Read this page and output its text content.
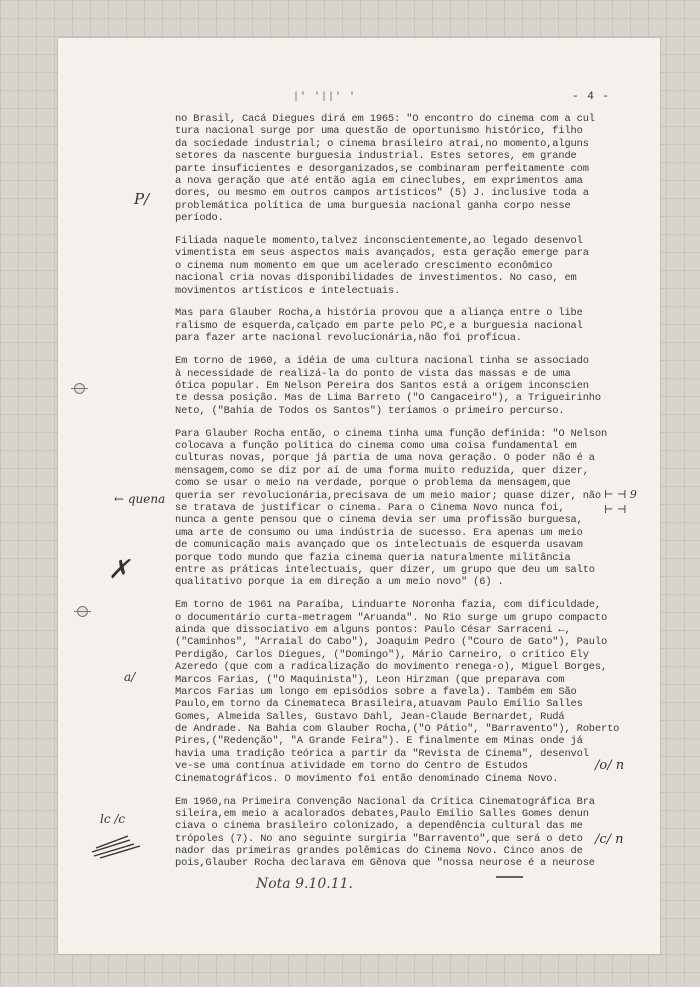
|' '||' '	- 4 -
no Brasil, Cacá Diegues dirá em 1965: "O encontro do cinema com a cul
tura nacional surge por uma questão de oportunismo histórico, filho
da sociedade industrial; o cinema brasileiro atrai,no momento,alguns
setores da nascente burguesia industrial. Estes setores, em grande
parte insuficientes e desorganizados,se combinaram perfeitamente com
a nova geração que até então agia em cineclubes, em exprimentos ama
dores, ou mesmo em outros campos artísticos" (5) J. inclusive toda a
problemática política de uma burguesia nacional ganha corpo nesse
período.
Filiada naquele momento,talvez inconscientemente,ao legado desenvol
vimentista em seus aspectos mais avançados, esta geração emerge para
o cinema num momento em que um acelerado crescimento econômico
nacional cria novas disponibilidades de investimentos. No caso, em
movimentos artísticos e intelectuais.
Mas para Glauber Rocha,a história provou que a aliança entre o libe
ralismo de esquerda,calçado em parte pelo PC,e a burguesia nacional
para fazer arte nacional revolucionária,não foi profícua.
Em torno de 1960, a idéia de uma cultura nacional tinha se associado
à necessidade de realizá-la do ponto de vista das massas e de uma
ótica popular. Em Nelson Pereira dos Santos está a origem inconscien
te dessa posição. Mas de Lima Barreto ("O Cangaceiro"), a Trigueirinho
Neto, ("Bahia de Todos os Santos") teríamos o primeiro percurso.
Para Glauber Rocha então, o cinema tinha uma função definida: "O Nelson
colocava a função política do cinema como uma coisa fundamental em
culturas novas, porque já partia de uma nova geração. O poder não é a
mensagem,como se diz por aí de uma forma muito reduzida, quer dizer,
como se usar o meio na verdade, porque o problema da mensagem,que
queria ser revolucionária,precisava de um meio maior; quase dizer, não
se tratava de justificar o cinema. Para o Cinema Novo nunca foi,
nunca a gente pensou que o cinema devia ser uma profissão burguesa,
uma arte de consumo ou uma indústria de sucesso. Era apenas um meio
de comunicação mais avançado que os intelectuais de esquerda usavam
porque todo mundo que fazia cinema queria naturalmente militância
entre as práticas intelectuais, quer dizer, um grupo que deu um salto
qualitativo porque ia em direção a um meio novo" (6) .
Em torno de 1961 na Paraíba, Linduarte Noronha fazia, com dificuldade,
o documentário curta-metragem "Aruanda". No Rio surge um grupo compacto
ainda que dissociativo em alguns pontos: Paulo César Sarraceni ←,
("Caminhos", "Arraial do Cabo"), Joaquim Pedro ("Couro de Gato"), Paulo
Perdigão, Carlos Diegues, ("Domingo"), Mário Carneiro, o crítico Ely
Azeredo (que com a radicalização do movimento renega-o), Miguel Borges,
Marcos Farias, ("O Maquinista"), Leon Hirzman (que preparava com
Marcos Farias um longo em episódios sobre a favela). Também em São
Paulo,em torno da Cinemateca Brasileira,atuavam Paulo Emílio Salles
Gomes, Almeida Salles, Gustavo Dahl, Jean-Claude Bernardet, Rudá
de Andrade. Na Bahia com Glauber Rocha,("O Pátio", "Barravento"), Roberto
Pires,("Redenção", "A Grande Feira"). E finalmente em Minas onde já
havia uma tradição teórica a partir da "Revista de Cinema", desenvol
ve-se uma contínua atividade em torno do Centro de Estudos
Cinematográficos. O movimento foi então denominado Cinema Novo.
Em 1960,na Primeira Convenção Nacional da Crítica Cinematográfica Bra
sileira,em meio a acalorados debates,Paulo Emílio Salles Gomes denun
ciava o cinema brasileiro colonizado, a dependência cultural das me
trópoles (7). No ano seguinte surgiria "Barravento",que será o deto
nador das primeiras grandes polêmicas do Cinema Novo. Cinco anos de
pois,Glauber Rocha declarava em Gênova que "nossa neurose é a neurose
P/
← quena	⊢ ⊣ 9
⊢ ⊣
✗
a/
/o/ n
lc /c
/c/ n
Nota 9.10.11.
